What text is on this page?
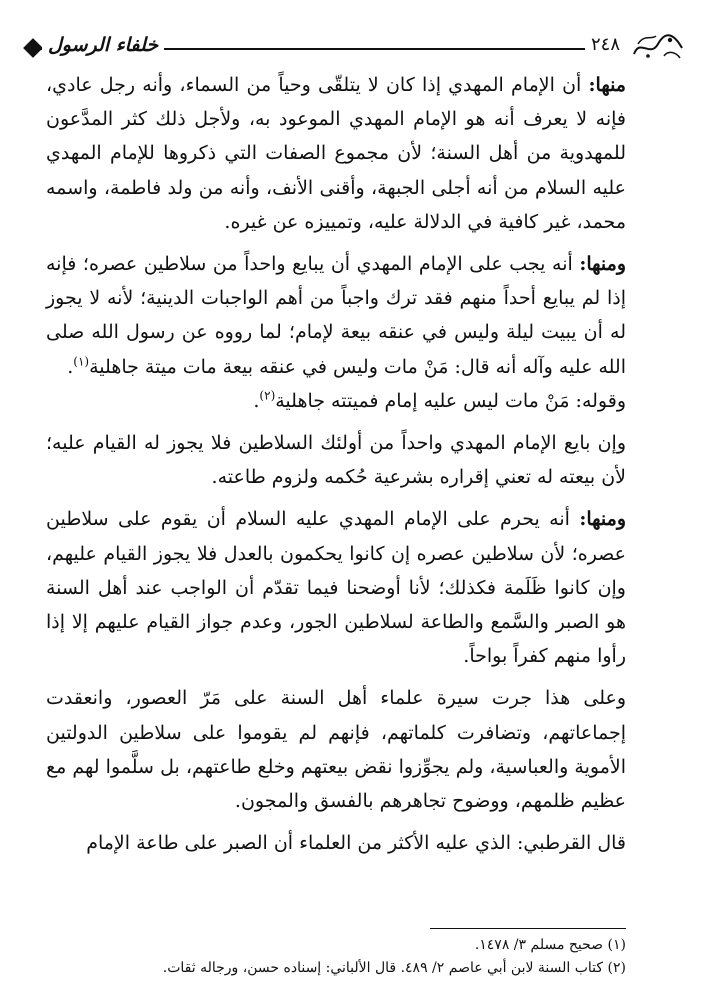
خلفاء الرسول	٢٤٨

منها: أن الإمام المهدي إذا كان لا يتلقّى وحياً من السماء، وأنه رجل عادي، فإنه لا يعرف أنه هو الإمام المهدي الموعود به، ولأجل ذلك كثر المدَّعون للمهدوية من أهل السنة؛ لأن مجموع الصفات التي ذكروها للإمام المهدي عليه السلام من أنه أجلى الجبهة، وأقنى الأنف، وأنه من ولد فاطمة، واسمه محمد، غير كافية في الدلالة عليه، وتمييزه عن غيره.

ومنها: أنه يجب على الإمام المهدي أن يبايع واحداً من سلاطين عصره؛ فإنه إذا لم يبايع أحداً منهم فقد ترك واجباً من أهم الواجبات الدينية؛ لأنه لا يجوز له أن يبيت ليلة وليس في عنقه بيعة لإمام؛ لما رووه عن رسول الله صلى الله عليه وآله أنه قال: مَنْ مات وليس في عنقه بيعة مات ميتة جاهلية$^{(١)}$.

وقوله: مَنْ مات ليس عليه إمام فميتته جاهلية$^{(٢)}$.

وإن بايع الإمام المهدي واحداً من أولئك السلاطين فلا يجوز له القيام عليه؛ لأن بيعته له تعني إقراره بشرعية حُكمه ولزوم طاعته.

ومنها: أنه يحرم على الإمام المهدي عليه السلام أن يقوم على سلاطين عصره؛ لأن سلاطين عصره إن كانوا يحكمون بالعدل فلا يجوز القيام عليهم، وإن كانوا ظَلَمة فكذلك؛ لأنا أوضحنا فيما تقدّم أن الواجب عند أهل السنة هو الصبر والسَّمع والطاعة لسلاطين الجور، وعدم جواز القيام عليهم إلا إذا رأوا منهم كفراً بواحاً.

وعلى هذا جرت سيرة علماء أهل السنة على مَرّ العصور، وانعقدت إجماعاتهم، وتضافرت كلماتهم، فإنهم لم يقوموا على سلاطين الدولتين الأموية والعباسية، ولم يجوِّزوا نقض بيعتهم وخلع طاعتهم، بل سلَّموا لهم مع عظيم ظلمهم، ووضوح تجاهرهم بالفسق والمجون.

قال القرطبي: الذي عليه الأكثر من العلماء أن الصبر على طاعة الإمام

(١) صحيح مسلم ٣/ ١٤٧٨.

(٢) كتاب السنة لابن أبي عاصم ٢/ ٤٨٩. قال الألباني: إسناده حسن، ورجاله ثقات.
